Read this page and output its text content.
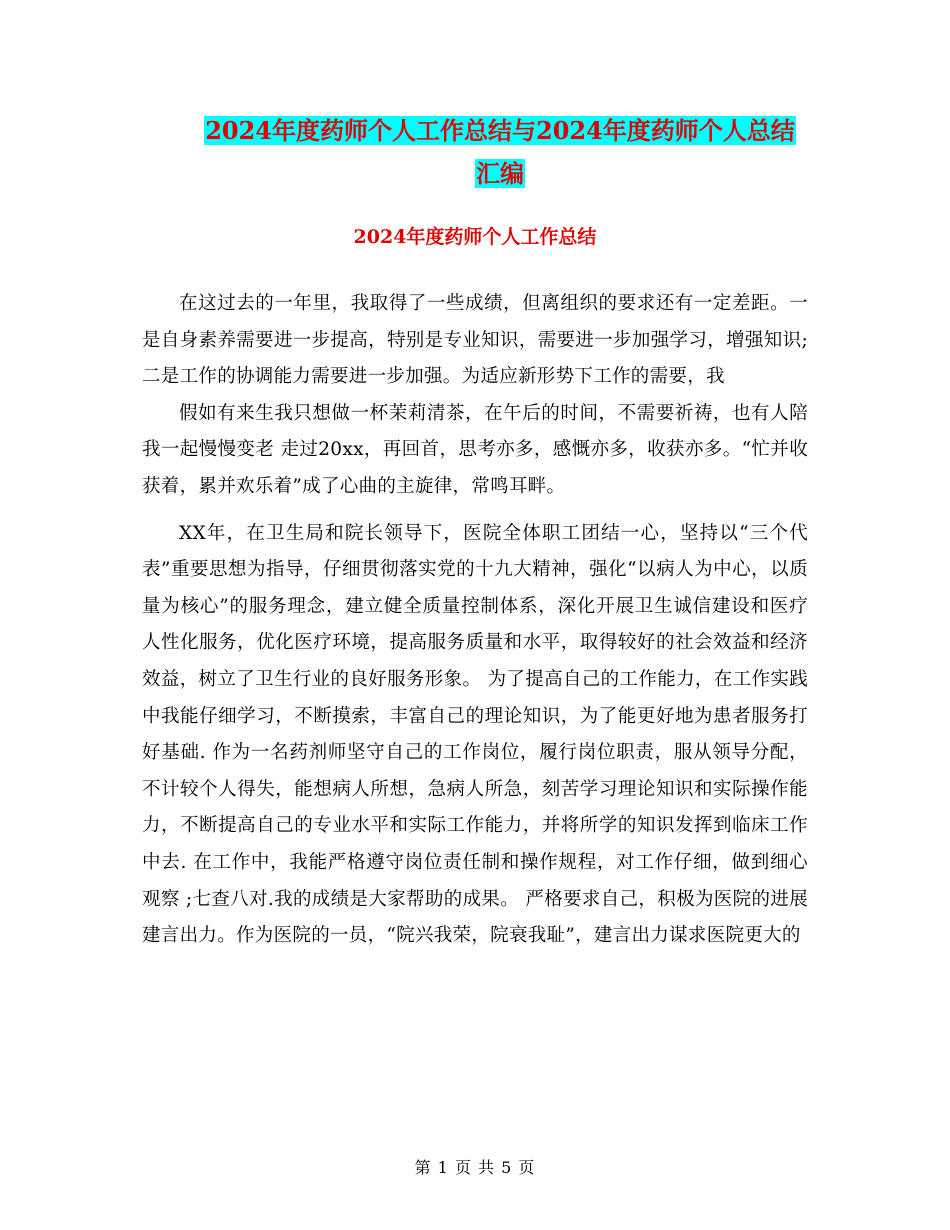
2024年度药师个人工作总结与2024年度药师个人总结
汇编
2024年度药师个人工作总结

在这过去的一年里，我取得了一些成绩，但离组织的要求还有一定差距。一是自身素养需要进一步提高，特别是专业知识，需要进一步加强学习，增强知识;二是工作的协调能力需要进一步加强。为适应新形势下工作的需要，我

假如有来生我只想做一杯茉莉清茶，在午后的时间，不需要祈祷，也有人陪我一起慢慢变老 走过20xx，再回首，思考亦多，感慨亦多，收获亦多。“忙并收获着，累并欢乐着”成了心曲的主旋律，常鸣耳畔。

XX年，在卫生局和院长领导下，医院全体职工团结一心，坚持以“三个代表”重要思想为指导，仔细贯彻落实党的十九大精神，强化“以病人为中心，以质量为核心”的服务理念，建立健全质量控制体系，深化开展卫生诚信建设和医疗人性化服务，优化医疗环境，提高服务质量和水平，取得较好的社会效益和经济效益，树立了卫生行业的良好服务形象。 为了提高自己的工作能力，在工作实践中我能仔细学习，不断摸索，丰富自己的理论知识，为了能更好地为患者服务打好基础. 作为一名药剂师坚守自己的工作岗位，履行岗位职责，服从领导分配，不计较个人得失，能想病人所想，急病人所急，刻苦学习理论知识和实际操作能力，不断提高自己的专业水平和实际工作能力，并将所学的知识发挥到临床工作中去. 在工作中，我能严格遵守岗位责任制和操作规程，对工作仔细，做到细心观察 ;七查八对.我的成绩是大家帮助的成果。 严格要求自己，积极为医院的进展建言出力。作为医院的一员，“院兴我荣，院衰我耻”，建言出力谋求医院更大的

第 1 页 共 5 页
